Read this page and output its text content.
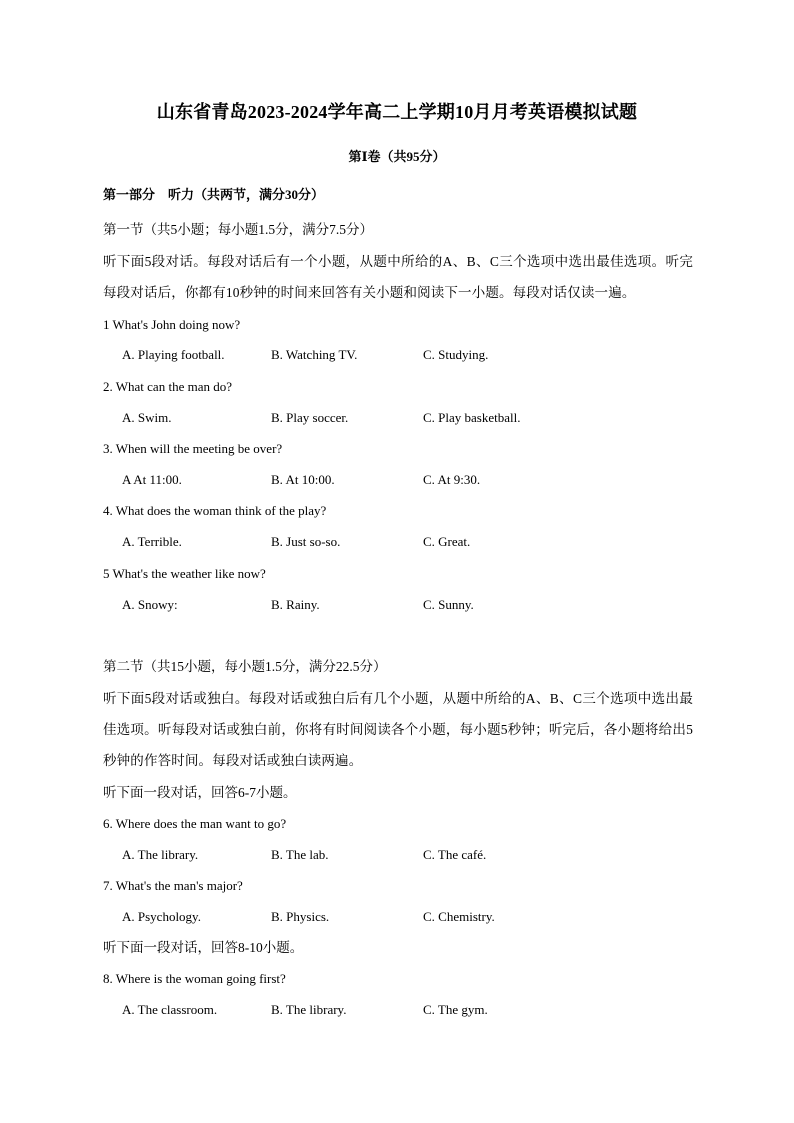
山东省青岛2023-2024学年高二上学期10月月考英语模拟试题
第Ⅰ卷（共95分）
第一部分　听力（共两节，满分30分）
第一节（共5小题；每小题1.5分，满分7.5分）
听下面5段对话。每段对话后有一个小题，从题中所给的A、B、C三个选项中选出最佳选项。听完每段对话后，你都有10秒钟的时间来回答有关小题和阅读下一小题。每段对话仅读一遍。
1 What's John doing now?
A. Playing football.	B. Watching TV.	C. Studying.
2. What can the man do?
A. Swim.	B. Play soccer.	C. Play basketball.
3. When will the meeting be over?
A At 11:00.	B. At 10:00.	C. At 9:30.
4. What does the woman think of the play?
A. Terrible.	B. Just so-so.	C. Great.
5 What's the weather like now?
A. Snowy:	B. Rainy.	C. Sunny.
第二节（共15小题，每小题1.5分，满分22.5分）
听下面5段对话或独白。每段对话或独白后有几个小题，从题中所给的A、B、C三个选项中选出最佳选项。听每段对话或独白前，你将有时间阅读各个小题，每小题5秒钟；听完后，各小题将给出5秒钟的作答时间。每段对话或独白读两遍。
听下面一段对话，回答6-7小题。
6. Where does the man want to go?
A. The library.	B. The lab.	C. The café.
7. What's the man's major?
A. Psychology.	B. Physics.	C. Chemistry.
听下面一段对话，回答8-10小题。
8. Where is the woman going first?
A. The classroom.	B. The library.	C. The gym.
